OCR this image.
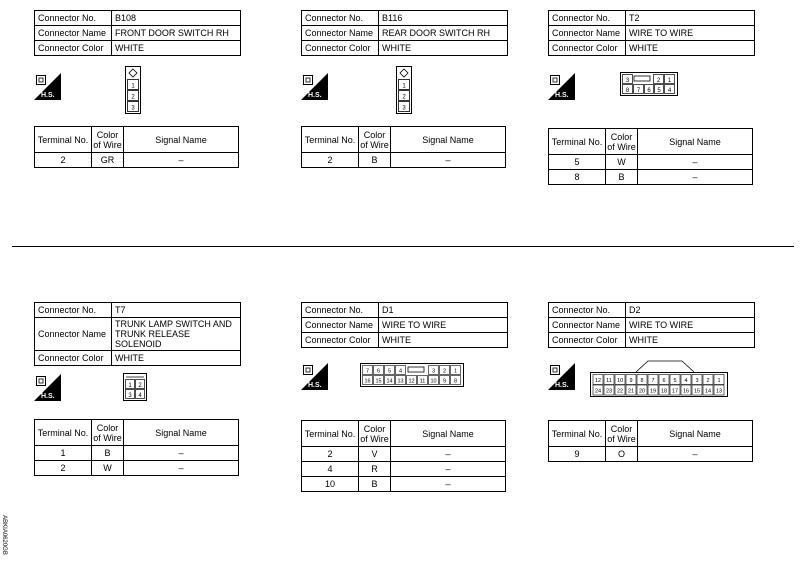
Connector No.	B108
Connector Name	FRONT DOOR SWITCH RH
Connector Color	WHITE
H.S.
1
2
3
Terminal No.	Color of Wire	Signal Name
2	GR	–
Connector No.	B116
Connector Name	REAR DOOR SWITCH RH
Connector Color	WHITE
H.S.
1
2
3
Terminal No.	Color of Wire	Signal Name
2	B	–
Connector No.	T2
Connector Name	WIRE TO WIRE
Connector Color	WHITE
H.S.
3	2 1
8 7 6 5 4
Terminal No.	Color of Wire	Signal Name
5	W	–
8	B	–
Connector No.	T7
Connector Name	TRUNK LAMP SWITCH AND TRUNK RELEASE SOLENOID
Connector Color	WHITE
H.S.
1 2
3 4
Terminal No.	Color of Wire	Signal Name
1	B	–
2	W	–
Connector No.	D1
Connector Name	WIRE TO WIRE
Connector Color	WHITE
H.S.
7 6 5 4	3 2 1
16 15 14 13 12 11 10 9 8
Terminal No.	Color of Wire	Signal Name
2	V	–
4	R	–
10	B	–
Connector No.	D2
Connector Name	WIRE TO WIRE
Connector Color	WHITE
H.S.
12 11 10 9 8 7 6 5 4 3 2 1
24 23 22 21 20 19 18 17 16 15 14 13
Terminal No.	Color of Wire	Signal Name
9	O	–
ABKIA0620GB
